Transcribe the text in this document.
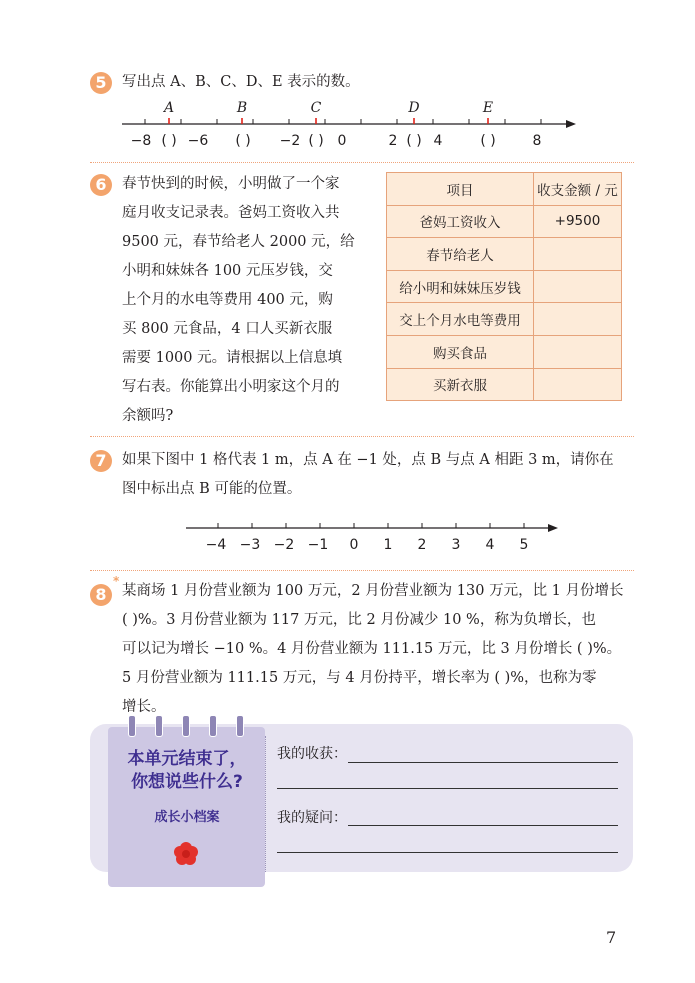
5	写出点 A、B、C、D、E 表示的数。
A	B	C	D	E
−8 ( ) −6	( )	−2 ( ) 0	2 ( ) 4	( )	8
6	春节快到的时候，小明做了一个家
庭月收支记录表。爸妈工资收入共
9500 元，春节给老人 2000 元，给
小明和妹妹各 100 元压岁钱，交
上个月的水电等费用 400 元，购
买 800 元食品，4 口人买新衣服
需要 1000 元。请根据以上信息填
写右表。你能算出小明家这个月的
余额吗?
项目	收支金额 / 元
爸妈工资收入	+9500
春节给老人	
给小明和妹妹压岁钱	
交上个月水电等费用	
购买食品	
买新衣服	
7	如果下图中 1 格代表 1 m，点 A 在 −1 处，点 B 与点 A 相距 3 m，请你在
图中标出点 B 可能的位置。
−4 −3 −2 −1	0	1	2	3	4	5
8
*
某商场 1 月份营业额为 100 万元，2 月份营业额为 130 万元，比 1 月份增长
( )%。3 月份营业额为 117 万元，比 2 月份减少 10 %，称为负增长，也
可以记为增长 −10 %。4 月份营业额为 111.15 万元，比 3 月份增长 ( )%。
5 月份营业额为 111.15 万元，与 4 月份持平，增长率为 ( )%，也称为零
增长。
本单元结束了，
你想说些什么?
成长小档案
我的收获：
我的疑问：
7
